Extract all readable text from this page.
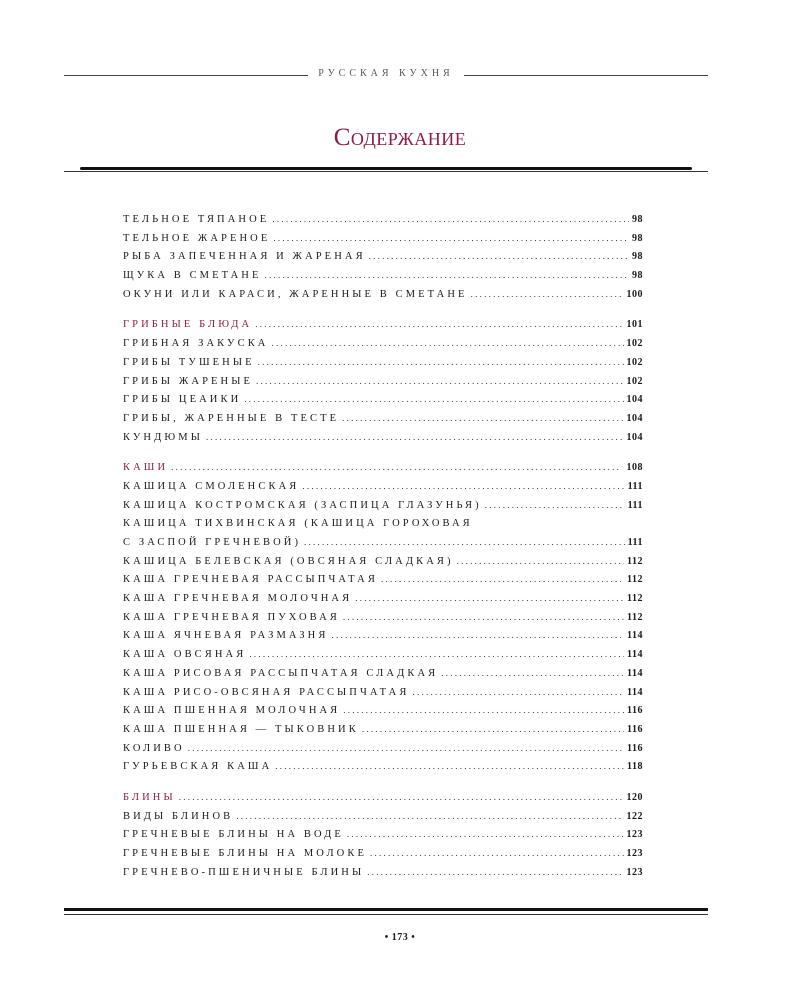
РУССКАЯ КУХНЯ
Содержание
ТЕЛЬНОЕ ТЯПАНОЕ . . .	98
ТЕЛЬНОЕ ЖАРЕНОЕ . . .	98
РЫБА ЗАПЕЧЕННАЯ И ЖАРЕНАЯ . . .	98
ЩУКА В СМЕТАНЕ . . .	98
ОКУНИ ИЛИ КАРАСИ, ЖАРЕННЫЕ В СМЕТАНЕ . . .	100
ГРИБНЫЕ БЛЮДА . . .	101
ГРИБНАЯ ЗАКУСКА . . .	102
ГРИБЫ ТУШЕНЫЕ . . .	102
ГРИБЫ ЖАРЕНЫЕ . . .	102
ГРИБЫ ЦЕАИКИ . . .	104
ГРИБЫ, ЖАРЕННЫЕ В ТЕСТЕ . . .	104
КУНДЮМЫ . . .	104
КАШИ . . .	108
КАШИЦА СМОЛЕНСКАЯ . . .	111
КАШИЦА КОСТРОМСКАЯ (ЗАСПИЦА ГЛАЗУНЬЯ) . . .	111
КАШИЦА ТИХВИНСКАЯ (КАШИЦА ГОРОХОВАЯ
С ЗАСПОЙ ГРЕЧНЕВОЙ) . . .	111
КАШИЦА БЕЛЕВСКАЯ (ОВСЯНАЯ СЛАДКАЯ) . . .	112
КАША ГРЕЧНЕВАЯ РАССЫПЧАТАЯ . . .	112
КАША ГРЕЧНЕВАЯ МОЛОЧНАЯ . . .	112
КАША ГРЕЧНЕВАЯ ПУХОВАЯ . . .	112
КАША ЯЧНЕВАЯ РАЗМАЗНЯ . . .	114
КАША ОВСЯНАЯ . . .	114
КАША РИСОВАЯ РАССЫПЧАТАЯ СЛАДКАЯ . . .	114
КАША РИСО-ОВСЯНАЯ РАССЫПЧАТАЯ . . .	114
КАША ПШЕННАЯ МОЛОЧНАЯ . . .	116
КАША ПШЕННАЯ — ТЫКОВНИК . . .	116
КОЛИВО . . .	116
ГУРЬЕВСКАЯ КАША . . .	118
БЛИНЫ . . .	120
ВИДЫ БЛИНОВ . . .	122
ГРЕЧНЕВЫЕ БЛИНЫ НА ВОДЕ . . .	123
ГРЕЧНЕВЫЕ БЛИНЫ НА МОЛОКЕ . . .	123
ГРЕЧНЕВО-ПШЕНИЧНЫЕ БЛИНЫ . . .	123
• 173 •
